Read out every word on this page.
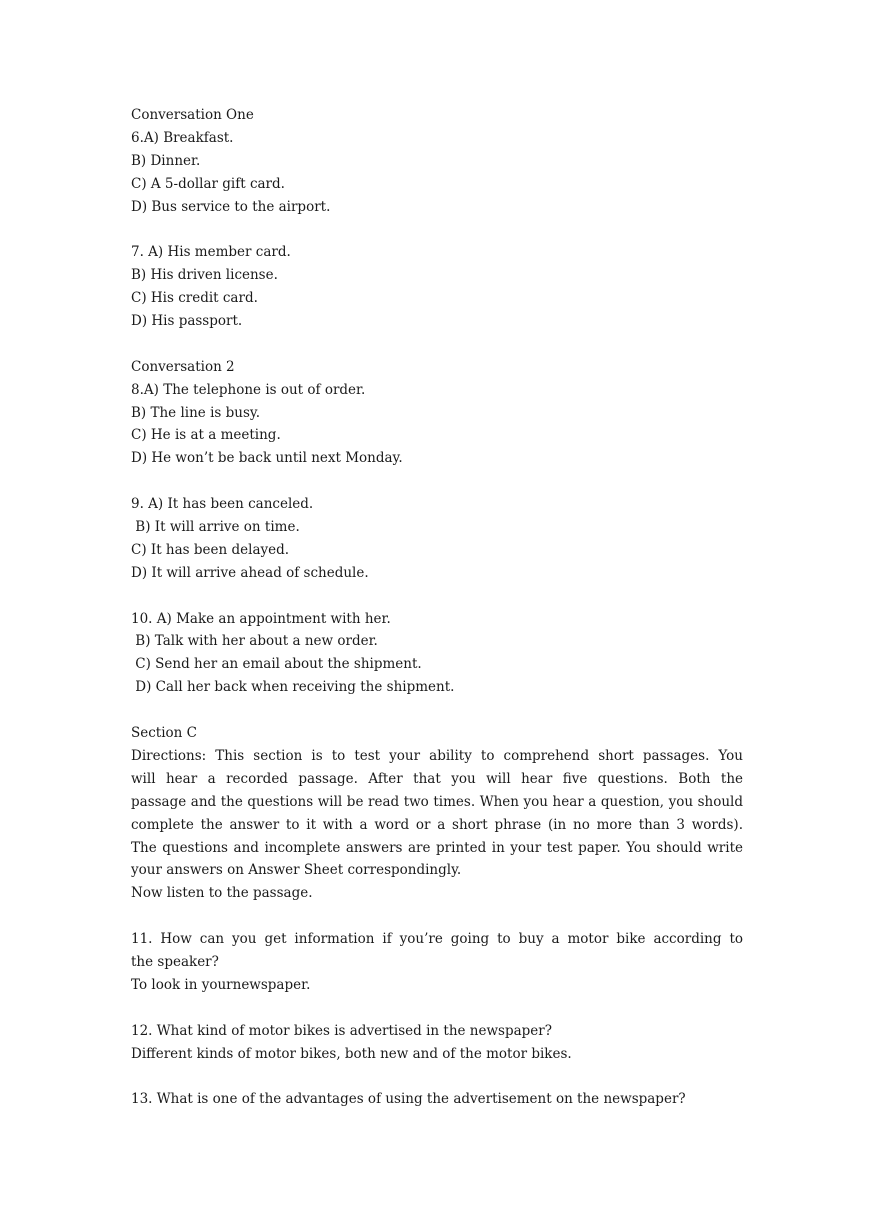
Conversation One
6.A) Breakfast.
B) Dinner.
C) A 5-dollar gift card.
D) Bus service to the airport.
7. A) His member card.
B) His driven license.
C) His credit card.
D) His passport.
Conversation 2
8.A) The telephone is out of order.
B) The line is busy.
C) He is at a meeting.
D) He won’t be back until next Monday.
9. A) It has been canceled.
B) It will arrive on time.
C) It has been delayed.
D) It will arrive ahead of schedule.
10. A) Make an appointment with her.
B) Talk with her about a new order.
C) Send her an email about the shipment.
D) Call her back when receiving the shipment.
Section C
Directions: This section is to test your ability to comprehend short passages. You
will hear a recorded passage. After that you will hear five questions. Both the
passage and the questions will be read two times. When you hear a question, you should
complete the answer to it with a word or a short phrase (in no more than 3 words).
The questions and incomplete answers are printed in your test paper. You should write
your answers on Answer Sheet correspondingly.
Now listen to the passage.
11. How can you get information if you’re going to buy a motor bike according to
the speaker?
To look in yournewspaper.
12. What kind of motor bikes is advertised in the newspaper?
Different kinds of motor bikes, both new and of the motor bikes.
13. What is one of the advantages of using the advertisement on the newspaper?
